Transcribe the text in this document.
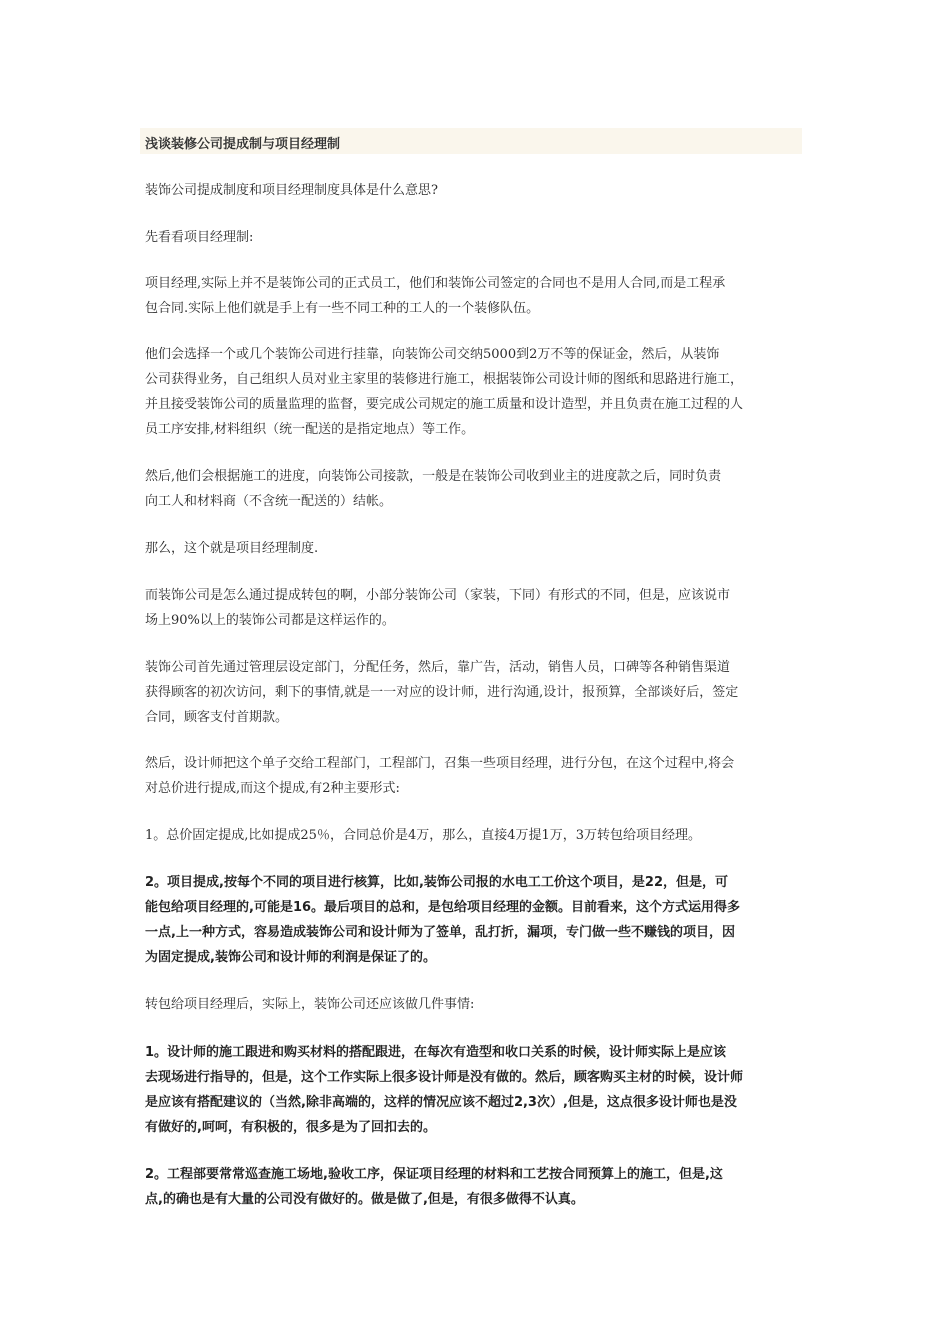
浅谈装修公司提成制与项目经理制
装饰公司提成制度和项目经理制度具体是什么意思?
先看看项目经理制:
项目经理,实际上并不是装饰公司的正式员工，他们和装饰公司签定的合同也不是用人合同,而是工程承
包合同.实际上他们就是手上有一些不同工种的工人的一个装修队伍。
他们会选择一个或几个装饰公司进行挂靠，向装饰公司交纳5000到2万不等的保证金，然后，从装饰
公司获得业务，自己组织人员对业主家里的装修进行施工，根据装饰公司设计师的图纸和思路进行施工，
并且接受装饰公司的质量监理的监督，要完成公司规定的施工质量和设计造型，并且负责在施工过程的人
员工序安排,材料组织（统一配送的是指定地点）等工作。
然后,他们会根据施工的进度，向装饰公司接款，一般是在装饰公司收到业主的进度款之后，同时负责
向工人和材料商（不含统一配送的）结帐。
那么，这个就是项目经理制度.
而装饰公司是怎么通过提成转包的啊，小部分装饰公司（家装，下同）有形式的不同，但是，应该说市
场上90%以上的装饰公司都是这样运作的。
装饰公司首先通过管理层设定部门，分配任务，然后，靠广告，活动，销售人员，口碑等各种销售渠道
获得顾客的初次访问，剩下的事情,就是一一对应的设计师，进行沟通,设计，报预算，全部谈好后，签定
合同，顾客支付首期款。
然后，设计师把这个单子交给工程部门，工程部门，召集一些项目经理，进行分包，在这个过程中,将会
对总价进行提成,而这个提成,有2种主要形式:
1。总价固定提成,比如提成25％，合同总价是4万，那么，直接4万提1万，3万转包给项目经理。
2。项目提成,按每个不同的项目进行核算，比如,装饰公司报的水电工工价这个项目，是22，但是，可
能包给项目经理的,可能是16。最后项目的总和，是包给项目经理的金额。目前看来，这个方式运用得多
一点,上一种方式，容易造成装饰公司和设计师为了签单，乱打折，漏项，专门做一些不赚钱的项目，因
为固定提成,装饰公司和设计师的利润是保证了的。
转包给项目经理后，实际上，装饰公司还应该做几件事情:
1。设计师的施工跟进和购买材料的搭配跟进，在每次有造型和收口关系的时候，设计师实际上是应该
去现场进行指导的，但是，这个工作实际上很多设计师是没有做的。然后，顾客购买主材的时候，设计师
是应该有搭配建议的（当然,除非高端的，这样的情况应该不超过2,3次）,但是，这点很多设计师也是没
有做好的,呵呵，有积极的，很多是为了回扣去的。
2。工程部要常常巡查施工场地,验收工序，保证项目经理的材料和工艺按合同预算上的施工，但是,这
点,的确也是有大量的公司没有做好的。做是做了,但是，有很多做得不认真。
